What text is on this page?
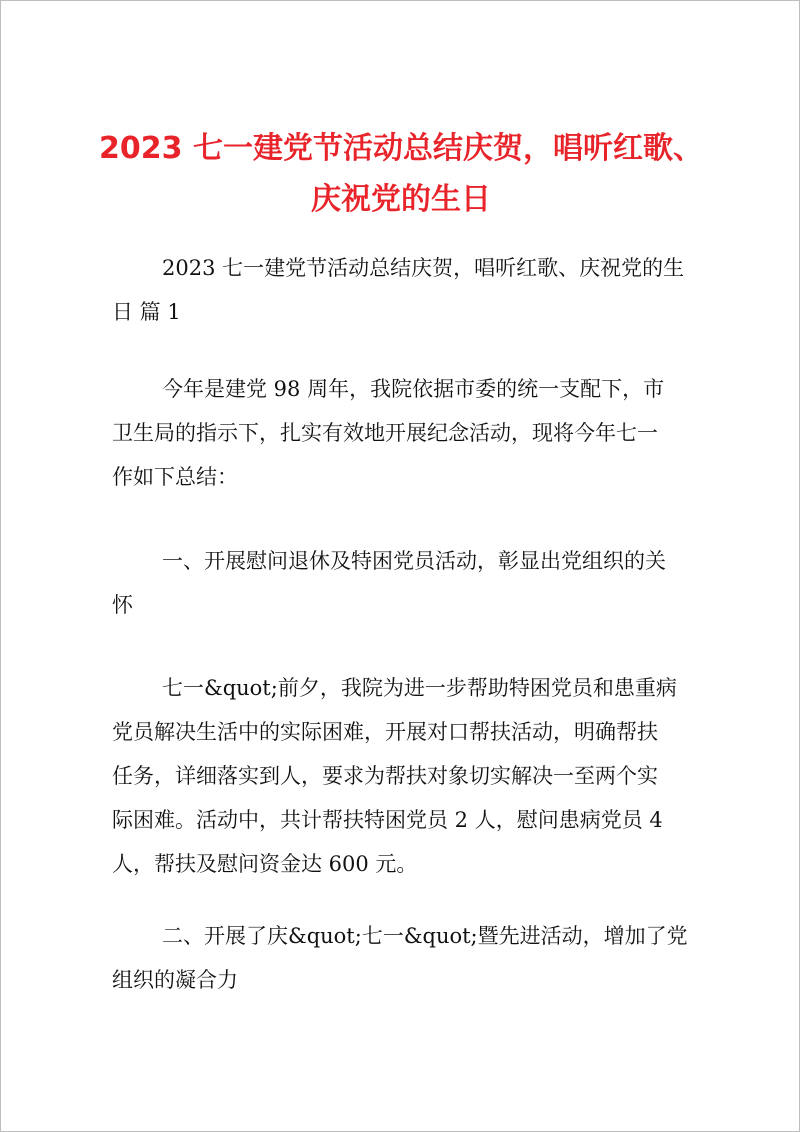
2023 七一建党节活动总结庆贺，唱听红歌、
庆祝党的生日

2023 七一建党节活动总结庆贺，唱听红歌、庆祝党的生
日 篇 1

今年是建党 98 周年，我院依据市委的统一支配下，市
卫生局的指示下，扎实有效地开展纪念活动，现将今年七一
作如下总结：

一、开展慰问退休及特困党员活动，彰显出党组织的关
怀

七一&quot;前夕，我院为进一步帮助特困党员和患重病
党员解决生活中的实际困难，开展对口帮扶活动，明确帮扶
任务，详细落实到人，要求为帮扶对象切实解决一至两个实
际困难。活动中，共计帮扶特困党员 2 人，慰问患病党员 4
人，帮扶及慰问资金达 600 元。

二、开展了庆&quot;七一&quot;暨先进活动，增加了党
组织的凝合力
